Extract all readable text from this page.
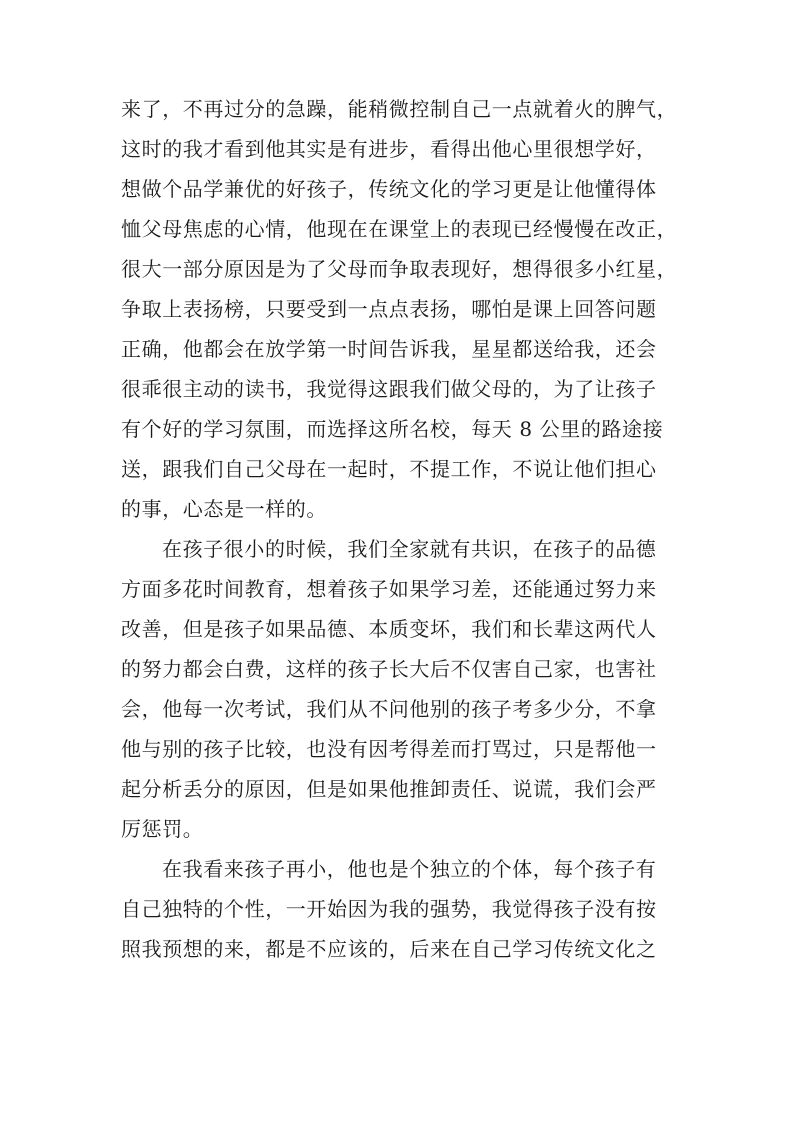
来了，不再过分的急躁，能稍微控制自己一点就着火的脾气，
这时的我才看到他其实是有进步，看得出他心里很想学好，
想做个品学兼优的好孩子，传统文化的学习更是让他懂得体
恤父母焦虑的心情，他现在在课堂上的表现已经慢慢在改正，
很大一部分原因是为了父母而争取表现好，想得很多小红星，
争取上表扬榜，只要受到一点点表扬，哪怕是课上回答问题
正确，他都会在放学第一时间告诉我，星星都送给我，还会
很乖很主动的读书，我觉得这跟我们做父母的，为了让孩子
有个好的学习氛围，而选择这所名校，每天 8 公里的路途接
送，跟我们自己父母在一起时，不提工作，不说让他们担心
的事，心态是一样的。
在孩子很小的时候，我们全家就有共识，在孩子的品德
方面多花时间教育，想着孩子如果学习差，还能通过努力来
改善，但是孩子如果品德、本质变坏，我们和长辈这两代人
的努力都会白费，这样的孩子长大后不仅害自己家，也害社
会，他每一次考试，我们从不问他别的孩子考多少分，不拿
他与别的孩子比较，也没有因考得差而打骂过，只是帮他一
起分析丢分的原因，但是如果他推卸责任、说谎，我们会严
厉惩罚。
在我看来孩子再小，他也是个独立的个体，每个孩子有
自己独特的个性，一开始因为我的强势，我觉得孩子没有按
照我预想的来，都是不应该的，后来在自己学习传统文化之
